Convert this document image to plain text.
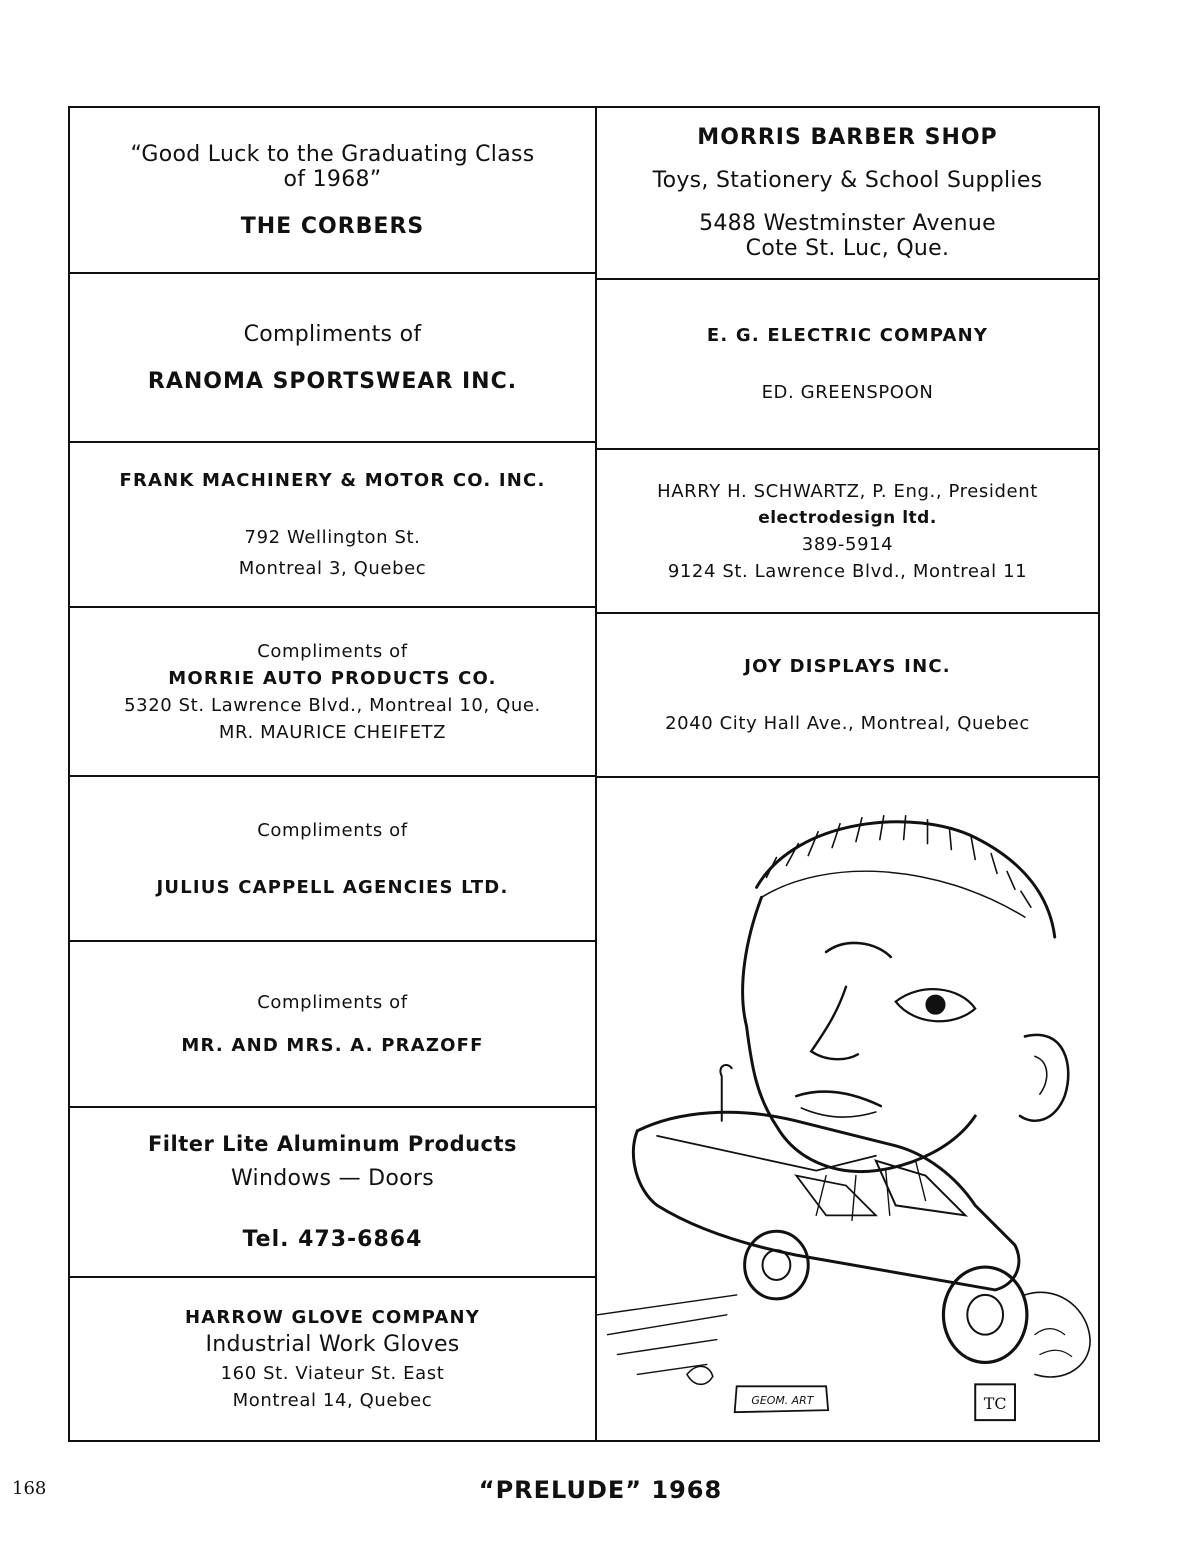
“Good Luck to the Graduating Class
of 1968”
THE CORBERS
Compliments of
RANOMA SPORTSWEAR INC.
FRANK MACHINERY & MOTOR CO. INC.
792 Wellington St.
Montreal 3, Quebec
Compliments of
MORRIE AUTO PRODUCTS CO.
5320 St. Lawrence Blvd., Montreal 10, Que.
MR. MAURICE CHEIFETZ
Compliments of
JULIUS CAPPELL AGENCIES LTD.
Compliments of
MR. AND MRS. A. PRAZOFF
Filter Lite Aluminum Products
Windows — Doors
Tel. 473-6864
HARROW GLOVE COMPANY
Industrial Work Gloves
160 St. Viateur St. East
Montreal 14, Quebec
MORRIS BARBER SHOP
Toys, Stationery & School Supplies
5488 Westminster Avenue
Cote St. Luc, Que.
E. G. ELECTRIC COMPANY
ED. GREENSPOON
HARRY H. SCHWARTZ, P. Eng., President
electrodesign ltd.
389-5914
9124 St. Lawrence Blvd., Montreal 11
JOY DISPLAYS INC.
2040 City Hall Ave., Montreal, Quebec
GEOM. ART	TC
168	“PRELUDE” 1968
